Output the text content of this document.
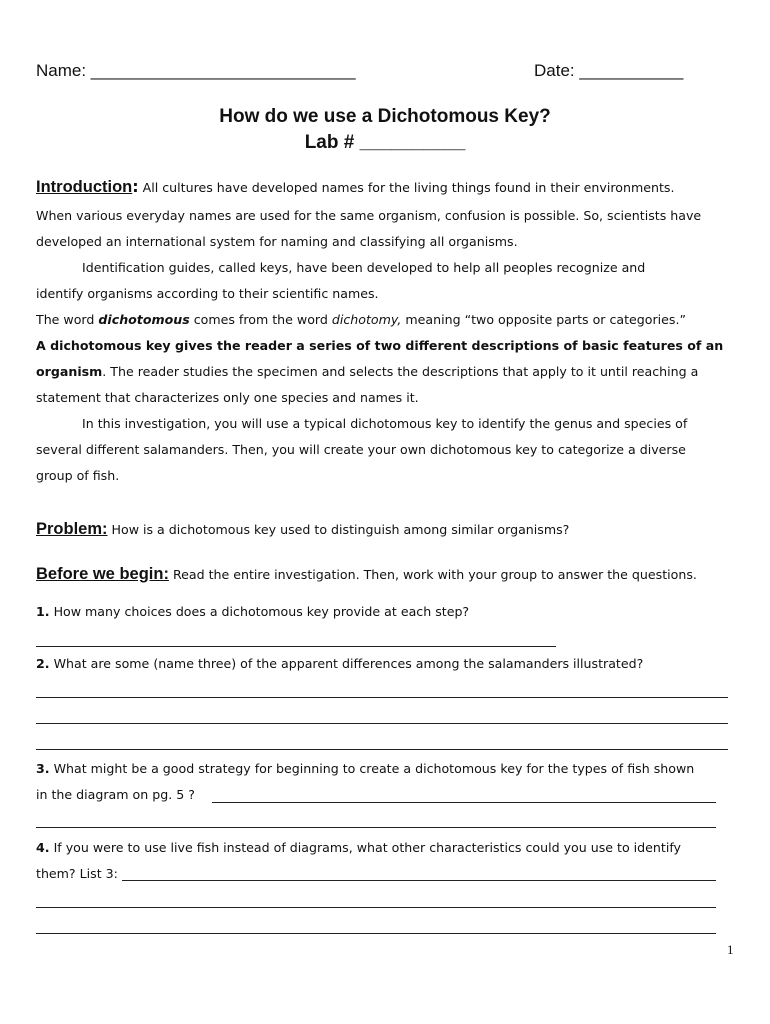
Name: ____________________________	Date: ___________
How do we use a Dichotomous Key?
Lab # __________
Introduction: All cultures have developed names for the living things found in their environments.
When various everyday names are used for the same organism, confusion is possible. So, scientists have
developed an international system for naming and classifying all organisms.
Identification guides, called keys, have been developed to help all peoples recognize and
identify organisms according to their scientific names.
The word dichotomous comes from the word dichotomy, meaning “two opposite parts or categories.”
A dichotomous key gives the reader a series of two different descriptions of basic features of an
organism. The reader studies the specimen and selects the descriptions that apply to it until reaching a
statement that characterizes only one species and names it.
In this investigation, you will use a typical dichotomous key to identify the genus and species of
several different salamanders. Then, you will create your own dichotomous key to categorize a diverse
group of fish.
Problem: How is a dichotomous key used to distinguish among similar organisms?
Before we begin: Read the entire investigation. Then, work with your group to answer the questions.
1. How many choices does a dichotomous key provide at each step?
2. What are some (name three) of the apparent differences among the salamanders illustrated?
3. What might be a good strategy for beginning to create a dichotomous key for the types of fish shown
in the diagram on pg. 5 ?
4. If you were to use live fish instead of diagrams, what other characteristics could you use to identify
them? List 3:
1
